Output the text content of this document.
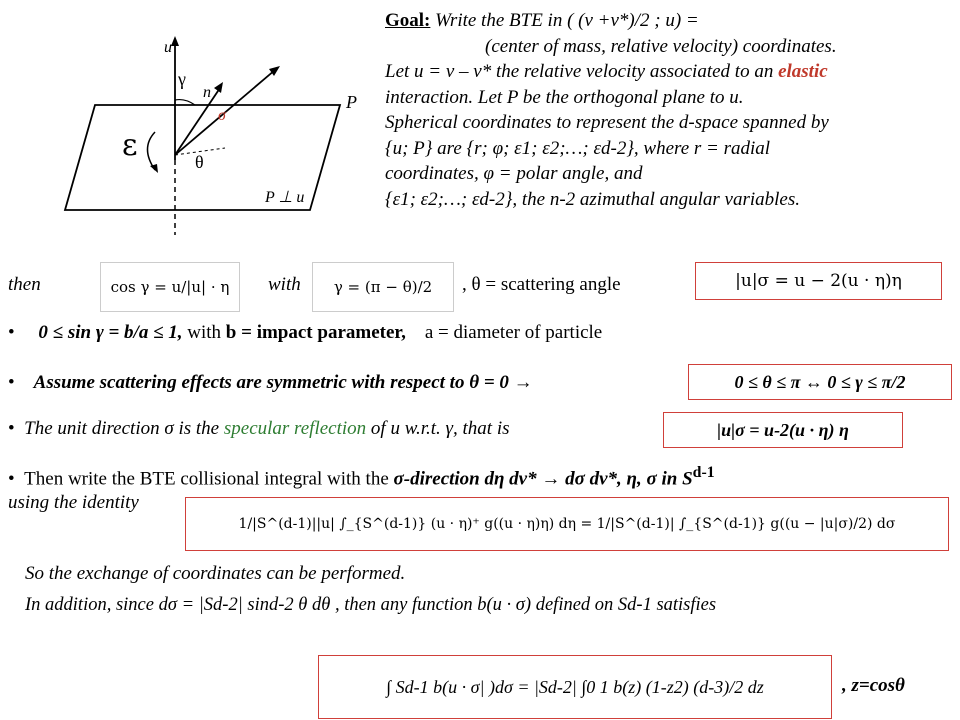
u
γ
n
σ
ε	θ
P
P ⊥ u
Goal: Write the BTE in ( (v +v*)/2 ; u) =
(center of mass, relative velocity) coordinates.
Let u = v – v* the relative velocity associated to an elastic
interaction. Let P be the orthogonal plane to u.
Spherical coordinates to represent the d-space spanned by
{u; P} are {r; φ; ε1; ε2;…; εd-2}, where r = radial
coordinates, φ = polar angle, and
{ε1; ε2;…; εd-2}, the n-2 azimuthal angular variables.
then	cos γ = u/|u| · η	with	γ = (π − θ)/2	, θ = scattering angle	|u|σ = u − 2(u · η)η
•     0 ≤ sin γ = b/a ≤ 1, with b = impact parameter, a = diameter of particle
•    Assume scattering effects are symmetric with respect to θ = 0 →	0 ≤ θ ≤ π ↔ 0 ≤ γ ≤ π/2
•  The unit direction σ is the specular reflection of u w.r.t. γ, that is	|u|σ = u-2(u · η) η
•  Then write the BTE collisional integral with the σ-direction dη dv* → dσ dv*, η, σ in $S^{d-1}$
using the identity
1/|S^(d-1)||u| ∫_{S^(d-1)} (u · η)⁺ g((u · η)η) dη = 1/|S^(d-1)| ∫_{S^(d-1)} g((u − |u|σ)/2) dσ
So the exchange of coordinates can be performed.
In addition, since dσ = |Sd-2| sind-2 θ dθ , then any function b(u · σ) defined on Sd-1 satisfies
∫ Sd-1 b(u · σ| )dσ = |Sd-2| ∫0 1 b(z) (1-z2) (d-3)/2 dz	, z=cosθ
